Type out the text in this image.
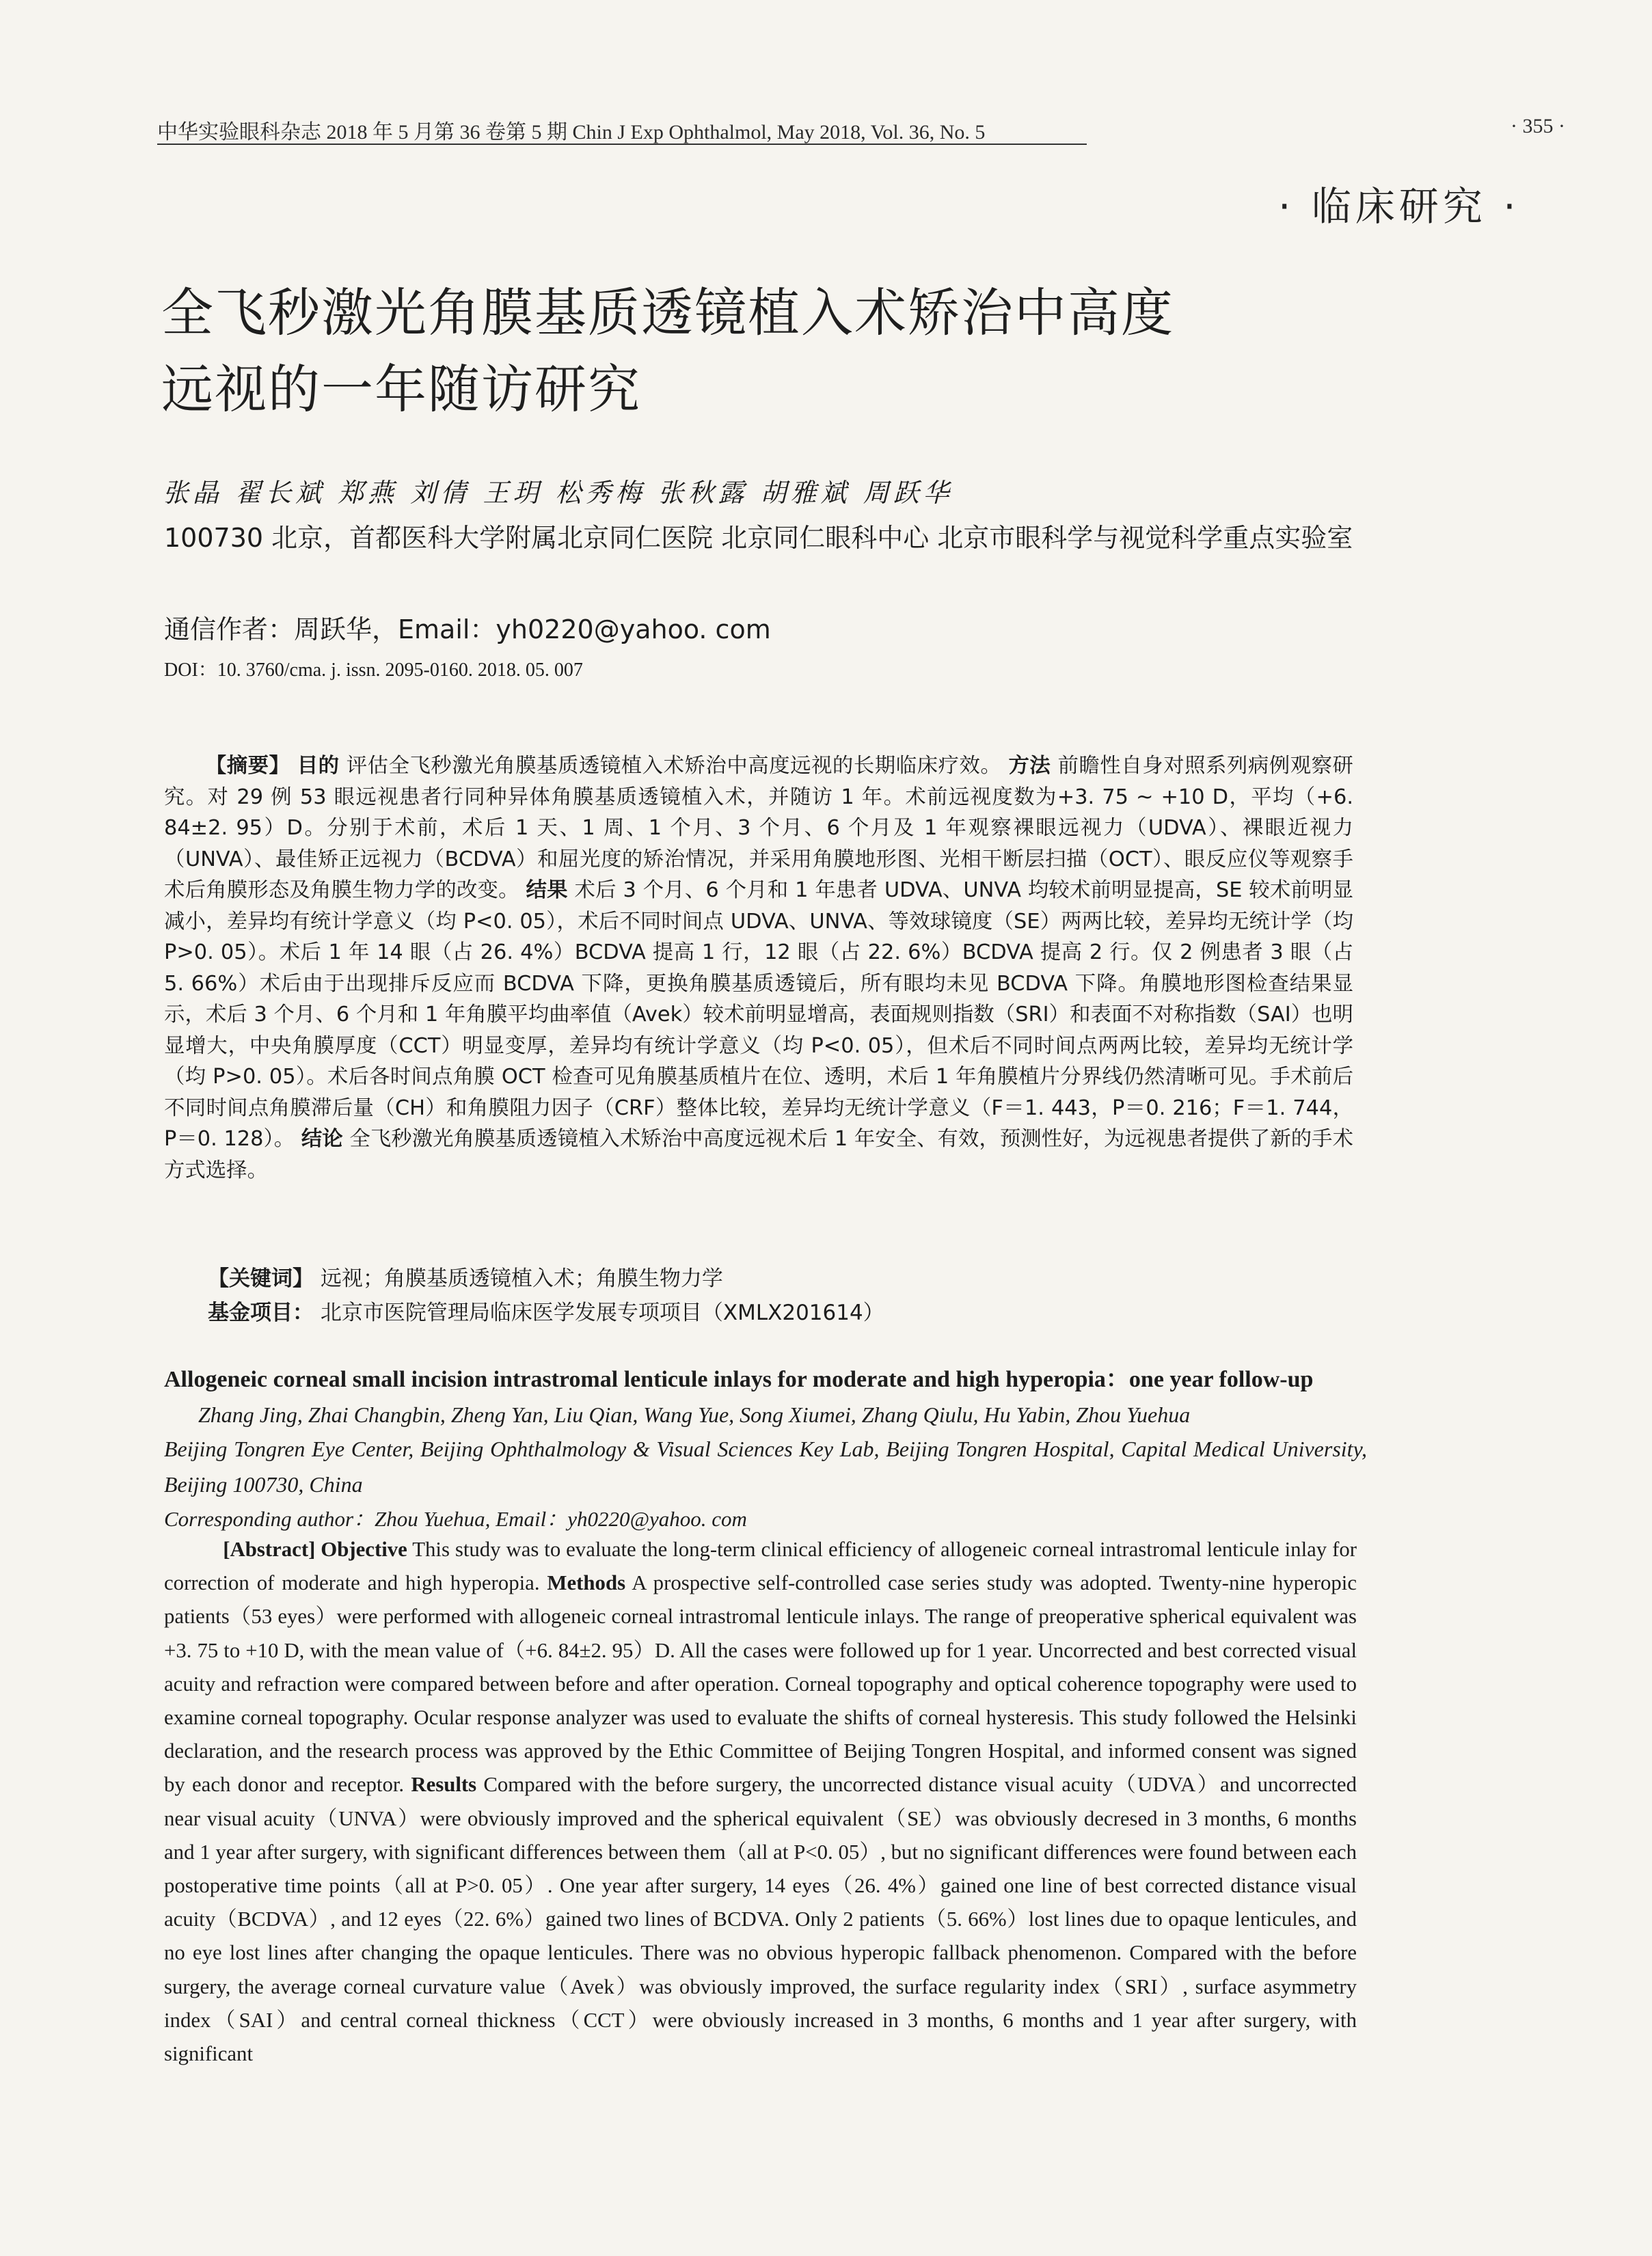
中华实验眼科杂志 2018 年 5 月第 36 卷第 5 期 Chin J Exp Ophthalmol, May 2018, Vol. 36, No. 5	· 355 ·
· 临床研究 ·
全飞秒激光角膜基质透镜植入术矫治中高度
远视的一年随访研究
张晶 翟长斌 郑燕 刘倩 王玥 松秀梅 张秋露 胡雅斌 周跃华
100730 北京，首都医科大学附属北京同仁医院 北京同仁眼科中心 北京市眼科学与视觉科学重点实验室
通信作者：周跃华，Email：yh0220@yahoo. com
DOI：10. 3760/cma. j. issn. 2095-0160. 2018. 05. 007

【摘要】 目的 评估全飞秒激光角膜基质透镜植入术矫治中高度远视的长期临床疗效。 方法 前瞻性自身对照系列病例观察研究。对 29 例 53 眼远视患者行同种异体角膜基质透镜植入术，并随访 1 年。术前远视度数为+3. 75 ~ +10 D，平均（+6. 84±2. 95）D。分别于术前，术后 1 天、1 周、1 个月、3 个月、6 个月及 1 年观察裸眼远视力（UDVA）、裸眼近视力（UNVA）、最佳矫正远视力（BCDVA）和屈光度的矫治情况，并采用角膜地形图、光相干断层扫描（OCT）、眼反应仪等观察手术后角膜形态及角膜生物力学的改变。 结果 术后 3 个月、6 个月和 1 年患者 UDVA、UNVA 均较术前明显提高，SE 较术前明显减小，差异均有统计学意义（均 P<0. 05），术后不同时间点 UDVA、UNVA、等效球镜度（SE）两两比较，差异均无统计学（均 P>0. 05）。术后 1 年 14 眼（占 26. 4%）BCDVA 提高 1 行，12 眼（占 22. 6%）BCDVA 提高 2 行。仅 2 例患者 3 眼（占 5. 66%）术后由于出现排斥反应而 BCDVA 下降，更换角膜基质透镜后，所有眼均未见 BCDVA 下降。角膜地形图检查结果显示，术后 3 个月、6 个月和 1 年角膜平均曲率值（Avek）较术前明显增高，表面规则指数（SRI）和表面不对称指数（SAI）也明显增大，中央角膜厚度（CCT）明显变厚，差异均有统计学意义（均 P<0. 05），但术后不同时间点两两比较，差异均无统计学（均 P>0. 05）。术后各时间点角膜 OCT 检查可见角膜基质植片在位、透明，术后 1 年角膜植片分界线仍然清晰可见。手术前后不同时间点角膜滞后量（CH）和角膜阻力因子（CRF）整体比较，差异均无统计学意义（F＝1. 443，P＝0. 216；F＝1. 744，P＝0. 128）。 结论 全飞秒激光角膜基质透镜植入术矫治中高度远视术后 1 年安全、有效，预测性好，为远视患者提供了新的手术方式选择。

【关键词】 远视；角膜基质透镜植入术；角膜生物力学
基金项目： 北京市医院管理局临床医学发展专项项目（XMLX201614）
Allogeneic corneal small incision intrastromal lenticule inlays for moderate and high hyperopia：one year follow-up
Zhang Jing, Zhai Changbin, Zheng Yan, Liu Qian, Wang Yue, Song Xiumei, Zhang Qiulu, Hu Yabin, Zhou Yuehua
Beijing Tongren Eye Center, Beijing Ophthalmology & Visual Sciences Key Lab, Beijing Tongren Hospital, Capital Medical University, Beijing 100730, China
Corresponding author：Zhou Yuehua, Email：yh0220@yahoo. com

[Abstract] Objective This study was to evaluate the long-term clinical efficiency of allogeneic corneal intrastromal lenticule inlay for correction of moderate and high hyperopia. Methods A prospective self-controlled case series study was adopted. Twenty-nine hyperopic patients（53 eyes）were performed with allogeneic corneal intrastromal lenticule inlays. The range of preoperative spherical equivalent was +3. 75 to +10 D, with the mean value of（+6. 84±2. 95）D. All the cases were followed up for 1 year. Uncorrected and best corrected visual acuity and refraction were compared between before and after operation. Corneal topography and optical coherence topography were used to examine corneal topography. Ocular response analyzer was used to evaluate the shifts of corneal hysteresis. This study followed the Helsinki declaration, and the research process was approved by the Ethic Committee of Beijing Tongren Hospital, and informed consent was signed by each donor and receptor. Results Compared with the before surgery, the uncorrected distance visual acuity（UDVA）and uncorrected near visual acuity（UNVA）were obviously improved and the spherical equivalent（SE）was obviously decresed in 3 months, 6 months and 1 year after surgery, with significant differences between them（all at P<0. 05）, but no significant differences were found between each postoperative time points（all at P>0. 05）. One year after surgery, 14 eyes（26. 4%）gained one line of best corrected distance visual acuity（BCDVA）, and 12 eyes（22. 6%）gained two lines of BCDVA. Only 2 patients（5. 66%）lost lines due to opaque lenticules, and no eye lost lines after changing the opaque lenticules. There was no obvious hyperopic fallback phenomenon. Compared with the before surgery, the average corneal curvature value（Avek）was obviously improved, the surface regularity index（SRI）, surface asymmetry index（SAI）and central corneal thickness（CCT）were obviously increased in 3 months, 6 months and 1 year after surgery, with significant
